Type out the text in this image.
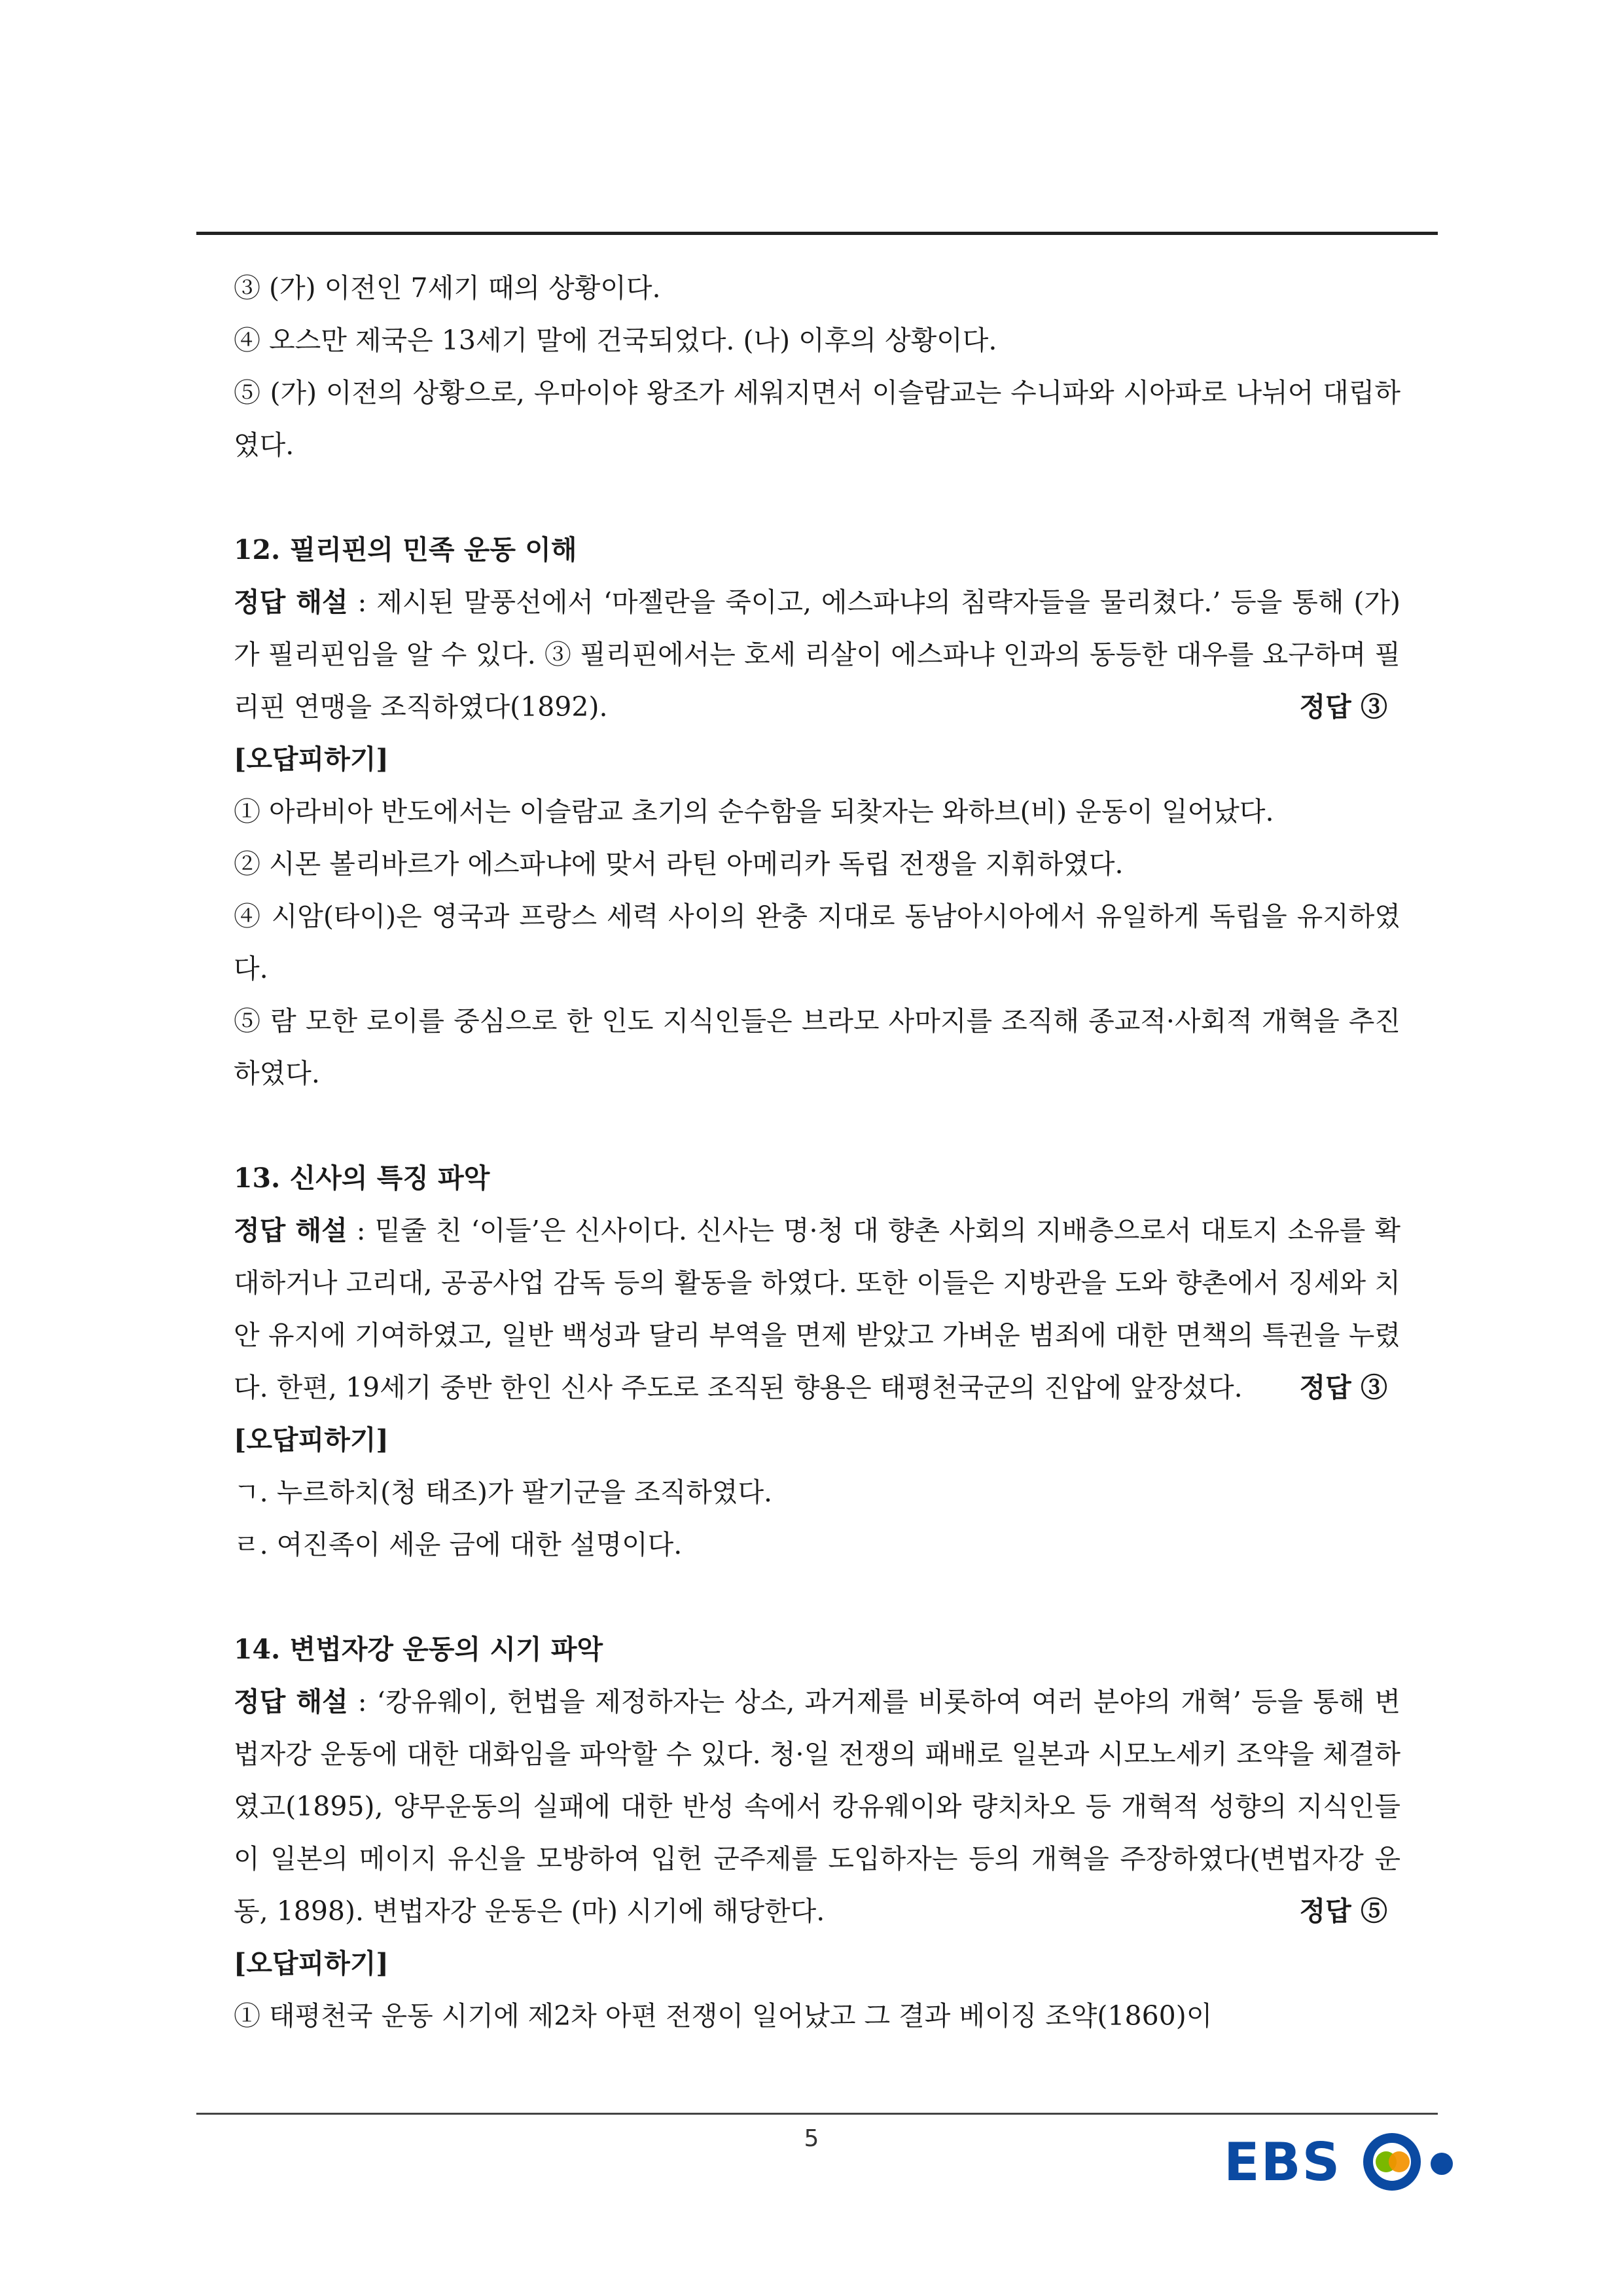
③ (가) 이전인 7세기 때의 상황이다.

④ 오스만 제국은 13세기 말에 건국되었다. (나) 이후의 상황이다.

⑤ (가) 이전의 상황으로, 우마이야 왕조가 세워지면서 이슬람교는 수니파와 시아파로 나뉘어 대립하였다.

12. 필리핀의 민족 운동 이해

정답 해설 : 제시된 말풍선에서 ‘마젤란을 죽이고, 에스파냐의 침략자들을 물리쳤다.’ 등을 통해 (가)가 필리핀임을 알 수 있다. ③ 필리핀에서는 호세 리살이 에스파냐 인과의 동등한 대우를 요구하며 필리핀 연맹을 조직하였다(1892).	정답 ③

[오답피하기]

① 아라비아 반도에서는 이슬람교 초기의 순수함을 되찾자는 와하브(비) 운동이 일어났다.

② 시몬 볼리바르가 에스파냐에 맞서 라틴 아메리카 독립 전쟁을 지휘하였다.

④ 시암(타이)은 영국과 프랑스 세력 사이의 완충 지대로 동남아시아에서 유일하게 독립을 유지하였다.

⑤ 람 모한 로이를 중심으로 한 인도 지식인들은 브라모 사마지를 조직해 종교적·사회적 개혁을 추진하였다.

13. 신사의 특징 파악

정답 해설 : 밑줄 친 ‘이들’은 신사이다. 신사는 명·청 대 향촌 사회의 지배층으로서 대토지 소유를 확대하거나 고리대, 공공사업 감독 등의 활동을 하였다. 또한 이들은 지방관을 도와 향촌에서 징세와 치안 유지에 기여하였고, 일반 백성과 달리 부역을 면제 받았고 가벼운 범죄에 대한 면책의 특권을 누렸다. 한편, 19세기 중반 한인 신사 주도로 조직된 향용은 태평천국군의 진압에 앞장섰다. 정답 ③

[오답피하기]

ㄱ. 누르하치(청 태조)가 팔기군을 조직하였다.

ㄹ. 여진족이 세운 금에 대한 설명이다.

14. 변법자강 운동의 시기 파악

정답 해설 : ‘캉유웨이, 헌법을 제정하자는 상소, 과거제를 비롯하여 여러 분야의 개혁’ 등을 통해 변법자강 운동에 대한 대화임을 파악할 수 있다. 청·일 전쟁의 패배로 일본과 시모노세키 조약을 체결하였고(1895), 양무운동의 실패에 대한 반성 속에서 캉유웨이와 량치차오 등 개혁적 성향의 지식인들이 일본의 메이지 유신을 모방하여 입헌 군주제를 도입하자는 등의 개혁을 주장하였다(변법자강 운동, 1898). 변법자강 운동은 (마) 시기에 해당한다.	정답 ⑤

[오답피하기]

① 태평천국 운동 시기에 제2차 아편 전쟁이 일어났고 그 결과 베이징 조약(1860)이

5	EBS
